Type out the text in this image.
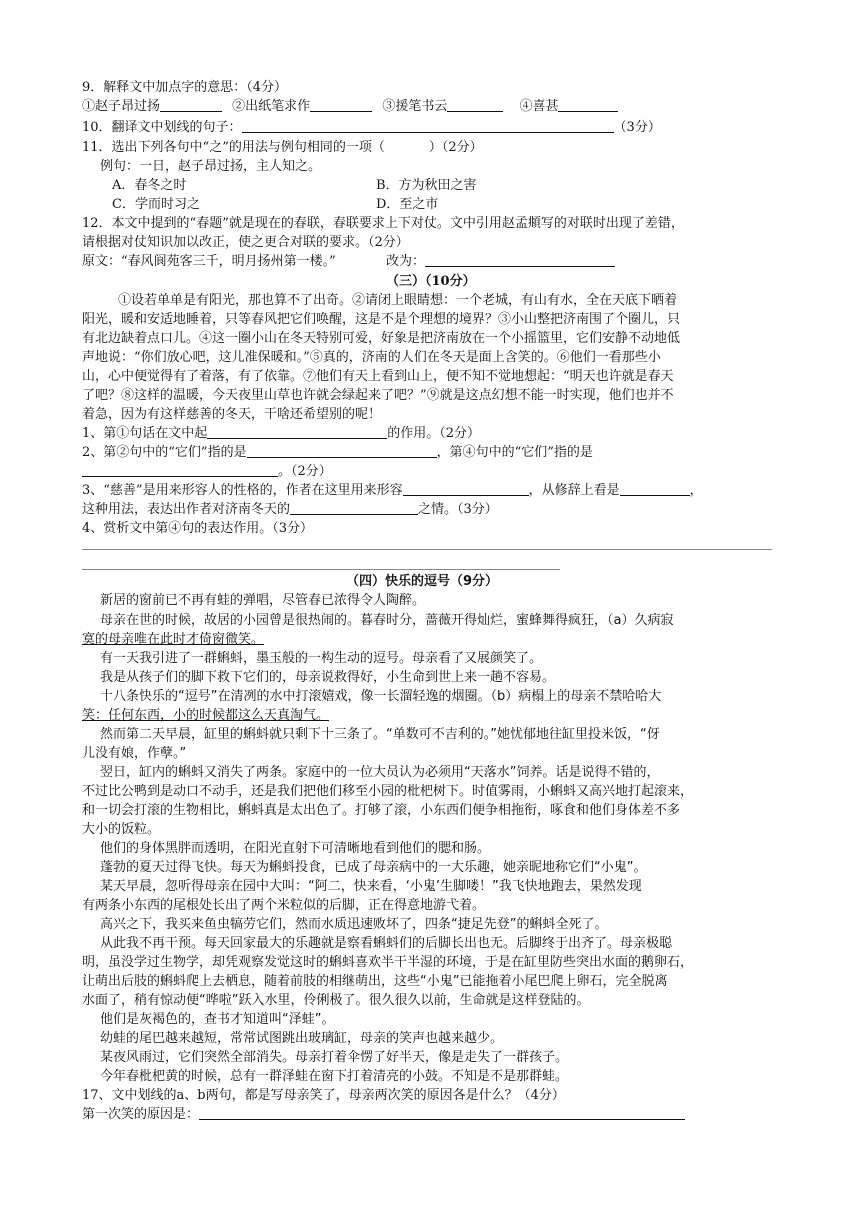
9．解释文中加点字的意思：（4分）
①赵子昂过扬	②出纸笔求作	③援笔书云	④喜甚
10．翻译文中划线的句子：	（3分）
11．选出下列各句中“之”的用法与例句相同的一项（	）（2分）
例句：一日，赵子昂过扬，主人知之。
A．春冬之时	B．方为秋田之害
C．学而时习之	D．至之市
12．本文中提到的“春题”就是现在的春联，春联要求上下对仗。文中引用赵孟頫写的对联时出现了差错，
请根据对仗知识加以改正，使之更合对联的要求。（2分）
原文：“春风阆苑客三千，明月扬州第一楼。”	改为：
（三）（10分）
①设若单单是有阳光，那也算不了出奇。②请闭上眼睛想：一个老城，有山有水，全在天底下晒着
阳光，暖和安适地睡着，只等春风把它们唤醒，这是不是个理想的境界？③小山整把济南围了个圈儿，只
有北边缺着点口儿。④这一圈小山在冬天特别可爱，好象是把济南放在一个小摇篮里，它们安静不动地低
声地说：“你们放心吧，这儿准保暖和。”⑤真的，济南的人们在冬天是面上含笑的。⑥他们一看那些小
山，心中便觉得有了着落，有了依靠。⑦他们有天上看到山上，便不知不觉地想起：“明天也许就是春天
了吧？⑧这样的温暖，今天夜里山草也许就会绿起来了吧？”⑨就是这点幻想不能一时实现，他们也并不
着急，因为有这样慈善的冬天，干啥还希望别的呢！
1、第①句话在文中起	的作用。（2分）
2、第②句中的“它们”指的是	，第④句中的“它们”指的是
。（2分）
3、“慈善”是用来形容人的性格的，作者在这里用来形容	，从修辞上看是	，
这种用法，表达出作者对济南冬天的	之情。（3分）
4、赏析文中第④句的表达作用。（3分）
（四）快乐的逗号（9分）
新居的窗前已不再有蛙的弹唱，尽管春已浓得令人陶醉。
母亲在世的时候，故居的小园曾是很热闹的。暮春时分，蔷薇开得灿烂，蜜蜂舞得疯狂，（a）久病寂
寞的母亲唯在此时才倚窗微笑。
有一天我引进了一群蝌蚪，墨玉般的一构生动的逗号。母亲看了又展颜笑了。
我是从孩子们的脚下救下它们的，母亲说救得好，小生命到世上来一趟不容易。
十八条快乐的“逗号”在清冽的水中打滚嬉戏，像一长溜轻逸的烟圈。（b）病榻上的母亲不禁哈哈大
笑：任何东西，小的时候都这么天真淘气。
然而第二天早晨，缸里的蝌蚪就只剩下十三条了。“单数可不吉利的。”她忧郁地往缸里投米饭，“伢
儿没有娘，作孽。”
翌日，缸内的蝌蚪又消失了两条。家庭中的一位大员认为必须用“天落水”饲养。话是说得不错的，
不过比公鸭到是动口不动手，还是我们把他们移至小园的枇杷树下。时值雾雨，小蝌蚪又高兴地打起滚来，
和一切会打滚的生物相比，蝌蚪真是太出色了。打够了滚，小东西们便争相拖衔，啄食和他们身体差不多
大小的饭粒。
他们的身体黑胖而透明，在阳光直射下可清晰地看到他们的腮和肠。
蓬勃的夏天过得飞快。每天为蝌蚪投食，已成了母亲病中的一大乐趣，她亲昵地称它们“小鬼”。
某天早晨，忽听得母亲在园中大叫：“阿二，快来看，‘小鬼’生脚喽！”我飞快地跑去，果然发现
有两条小东西的尾根处长出了两个米粒似的后脚，正在得意地游弋着。
高兴之下，我买来鱼虫犒劳它们，然而水质迅速败坏了，四条“捷足先登”的蝌蚪全死了。
从此我不再干预。每天回家最大的乐趣就是察看蝌蚪们的后脚长出也无。后脚终于出齐了。母亲极聪
明，虽没学过生物学，却凭观察发觉这时的蝌蚪喜欢半干半湿的环境，于是在缸里防些突出水面的鹅卵石，
让萌出后肢的蝌蚪爬上去栖息，随着前肢的相继萌出，这些“小鬼”已能拖着小尾巴爬上卵石，完全脱离
水面了，稍有惊动便“哗啦”跃入水里，伶俐极了。很久很久以前，生命就是这样登陆的。
他们是灰褐色的，查书才知道叫“泽蛙”。
幼蛙的尾巴越来越短，常常试图跳出玻璃缸，母亲的笑声也越来越少。
某夜风雨过，它们突然全部消失。母亲打着伞愣了好半天，像是走失了一群孩子。
今年春枇杷黄的时候，总有一群泽蛙在窗下打着清亮的小鼓。不知是不是那群蛙。
17、文中划线的a、b两句，都是写母亲笑了，母亲两次笑的原因各是什么？（4分）
第一次笑的原因是：
